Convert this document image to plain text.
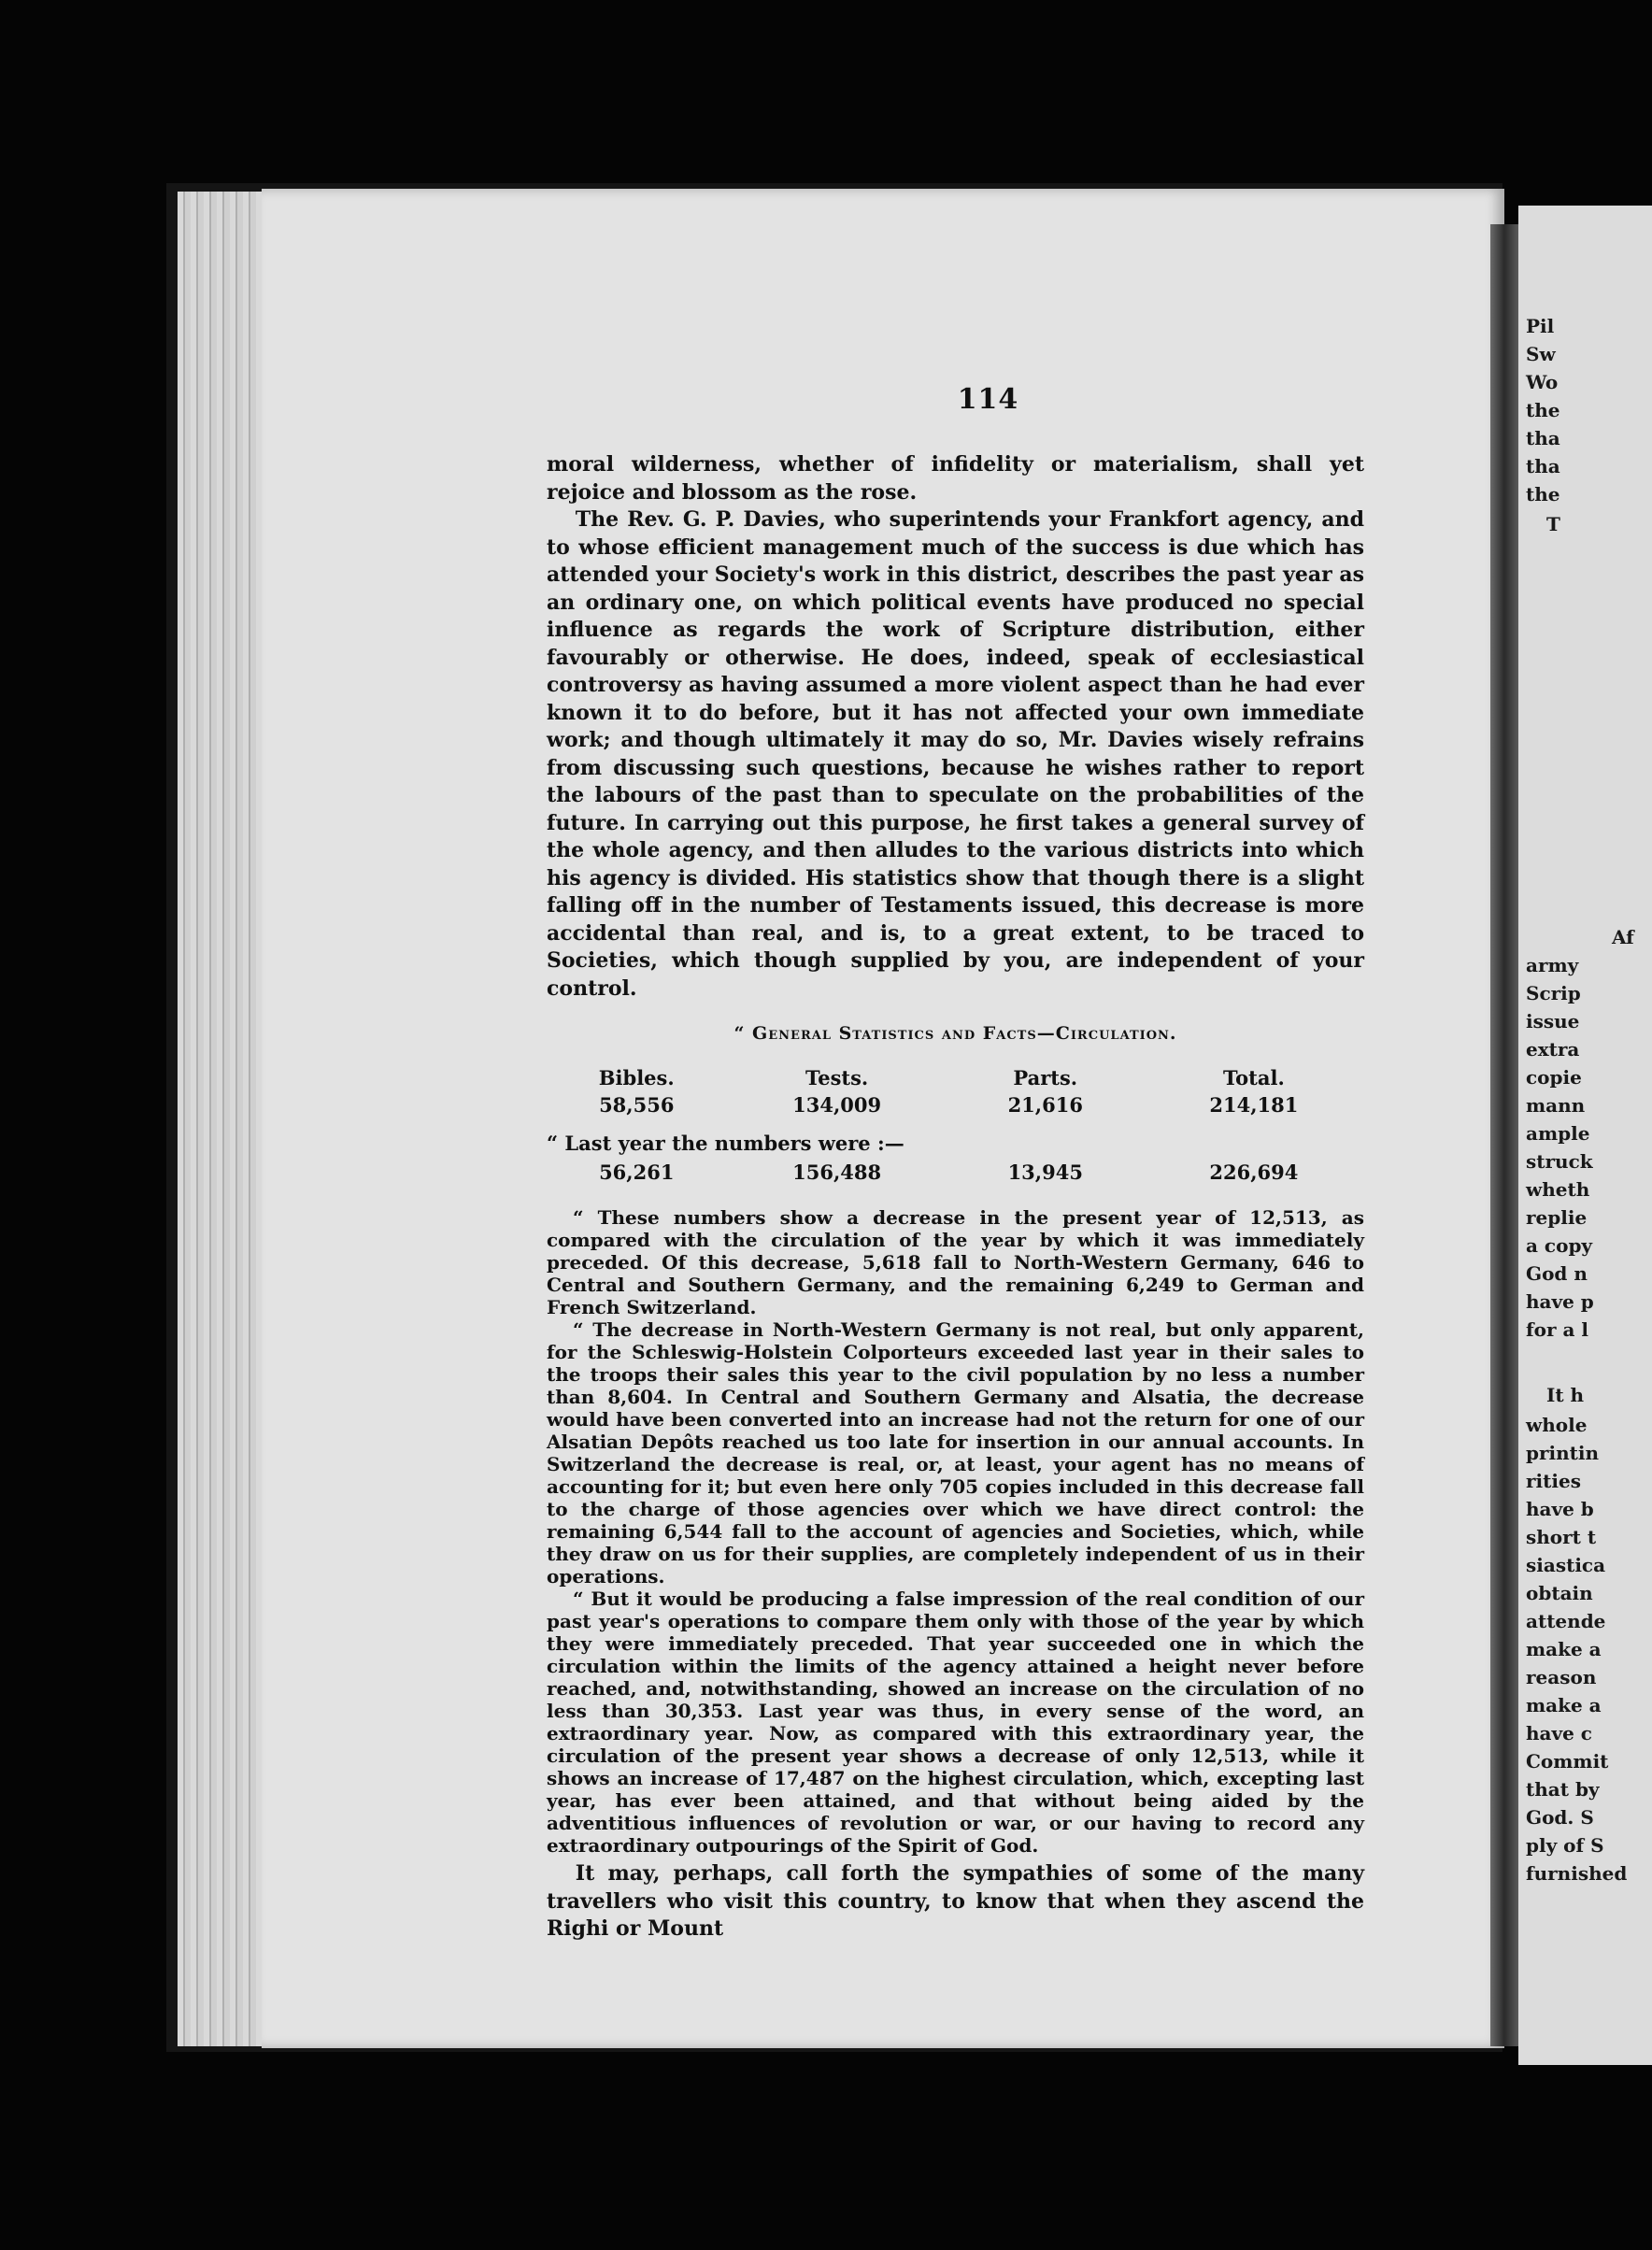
Pil
Sw
Wo
the
tha
tha
the
T
Af
army
Scrip
issue
extra
copie
mann
ample
struck
wheth
replie
a copy
God n
have p
for a l
It h
whole
printin
rities
have b
short t
siastica
obtain
attende
make a
reason
make a
have c
Commit
that by
God. S
ply of S
furnished
114

moral wilderness, whether of infidelity or materialism, shall yet rejoice and blossom as the rose.

The Rev. G. P. Davies, who superintends your Frankfort agency, and to whose efficient management much of the success is due which has attended your Society's work in this district, describes the past year as an ordinary one, on which political events have produced no special influence as regards the work of Scripture distribution, either favourably or otherwise. He does, indeed, speak of ecclesiastical controversy as having assumed a more violent aspect than he had ever known it to do before, but it has not affected your own immediate work; and though ultimately it may do so, Mr. Davies wisely refrains from discussing such questions, because he wishes rather to report the labours of the past than to speculate on the probabilities of the future. In carrying out this purpose, he first takes a general survey of the whole agency, and then alludes to the various districts into which his agency is divided. His statistics show that though there is a slight falling off in the number of Testaments issued, this decrease is more accidental than real, and is, to a great extent, to be traced to Societies, which though supplied by you, are independent of your control.

“ General Statistics and Facts—Circulation.
Bibles.	Tests.	Parts.	Total.
58,556	134,009	21,616	214,181
“ Last year the numbers were :—
56,261	156,488	13,945	226,694

“ These numbers show a decrease in the present year of 12,513, as compared with the circulation of the year by which it was immediately preceded. Of this decrease, 5,618 fall to North-Western Germany, 646 to Central and Southern Germany, and the remaining 6,249 to German and French Switzerland.

“ The decrease in North-Western Germany is not real, but only apparent, for the Schleswig-Holstein Colporteurs exceeded last year in their sales to the troops their sales this year to the civil population by no less a number than 8,604. In Central and Southern Germany and Alsatia, the decrease would have been converted into an increase had not the return for one of our Alsatian Depôts reached us too late for insertion in our annual accounts. In Switzerland the decrease is real, or, at least, your agent has no means of accounting for it; but even here only 705 copies included in this decrease fall to the charge of those agencies over which we have direct control: the remaining 6,544 fall to the account of agencies and Societies, which, while they draw on us for their supplies, are completely independent of us in their operations.

“ But it would be producing a false impression of the real condition of our past year's operations to compare them only with those of the year by which they were immediately preceded. That year succeeded one in which the circulation within the limits of the agency attained a height never before reached, and, notwithstanding, showed an increase on the circulation of no less than 30,353. Last year was thus, in every sense of the word, an extraordinary year. Now, as compared with this extraordinary year, the circulation of the present year shows a decrease of only 12,513, while it shows an increase of 17,487 on the highest circulation, which, excepting last year, has ever been attained, and that without being aided by the adventitious influences of revolution or war, or our having to record any extraordinary outpourings of the Spirit of God.

It may, perhaps, call forth the sympathies of some of the many travellers who visit this country, to know that when they ascend the Righi or Mount
